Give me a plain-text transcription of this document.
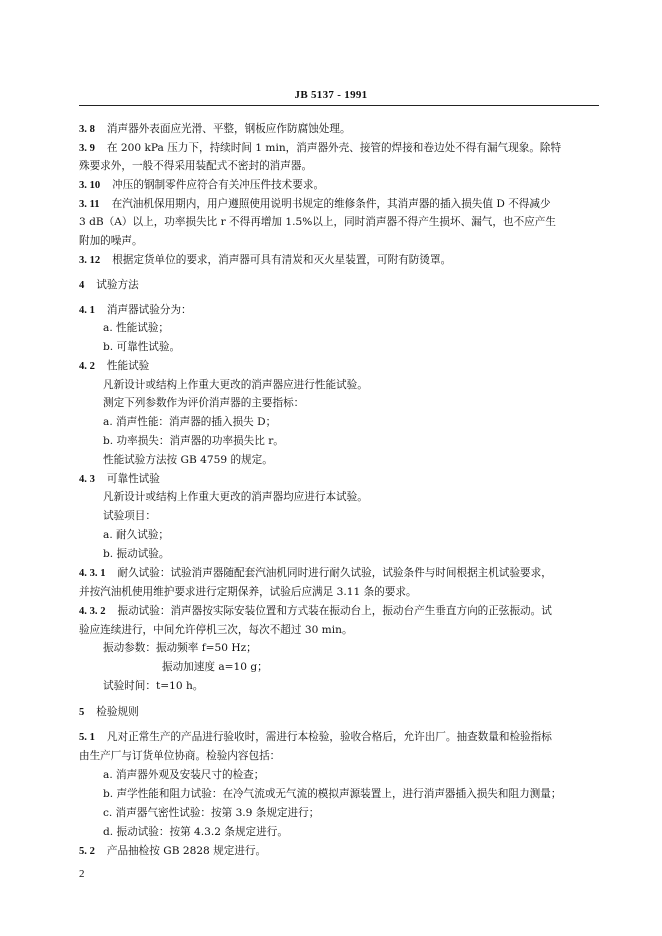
JB 5137 - 1991
3. 8 消声器外表面应光滑、平整，钢板应作防腐蚀处理。
3. 9 在 200 kPa 压力下，持续时间 1 min，消声器外壳、接管的焊接和卷边处不得有漏气现象。除特
殊要求外，一般不得采用装配式不密封的消声器。
3. 10 冲压的钢制零件应符合有关冲压件技术要求。
3. 11 在汽油机保用期内，用户遵照使用说明书规定的维修条件，其消声器的插入损失值 D 不得减少
3 dB（A）以上，功率损失比 r 不得再增加 1.5%以上，同时消声器不得产生损坏、漏气，也不应产生
附加的噪声。
3. 12 根据定货单位的要求，消声器可具有清炭和灭火星装置，可附有防烫罩。
4 试验方法
4. 1 消声器试验分为：
a. 性能试验；
b. 可靠性试验。
4. 2 性能试验
凡新设计或结构上作重大更改的消声器应进行性能试验。
测定下列参数作为评价消声器的主要指标：
a. 消声性能：消声器的插入损失 D；
b. 功率损失：消声器的功率损失比 r。
性能试验方法按 GB 4759 的规定。
4. 3 可靠性试验
凡新设计或结构上作重大更改的消声器均应进行本试验。
试验项目：
a. 耐久试验；
b. 振动试验。
4. 3. 1 耐久试验：试验消声器随配套汽油机同时进行耐久试验，试验条件与时间根据主机试验要求，
并按汽油机使用维护要求进行定期保养，试验后应满足 3.11 条的要求。
4. 3. 2 振动试验：消声器按实际安装位置和方式装在振动台上，振动台产生垂直方向的正弦振动。试
验应连续进行，中间允许停机三次，每次不超过 30 min。
振动参数：振动频率 f=50 Hz；
振动加速度 a=10 g；
试验时间：t=10 h。
5 检验规则
5. 1 凡对正常生产的产品进行验收时，需进行本检验，验收合格后，允许出厂。抽查数量和检验指标
由生产厂与订货单位协商。检验内容包括：
a. 消声器外观及安装尺寸的检查；
b. 声学性能和阻力试验：在冷气流或无气流的模拟声源装置上，进行消声器插入损失和阻力测量；
c. 消声器气密性试验：按第 3.9 条规定进行；
d. 振动试验：按第 4.3.2 条规定进行。
5. 2 产品抽检按 GB 2828 规定进行。
2
